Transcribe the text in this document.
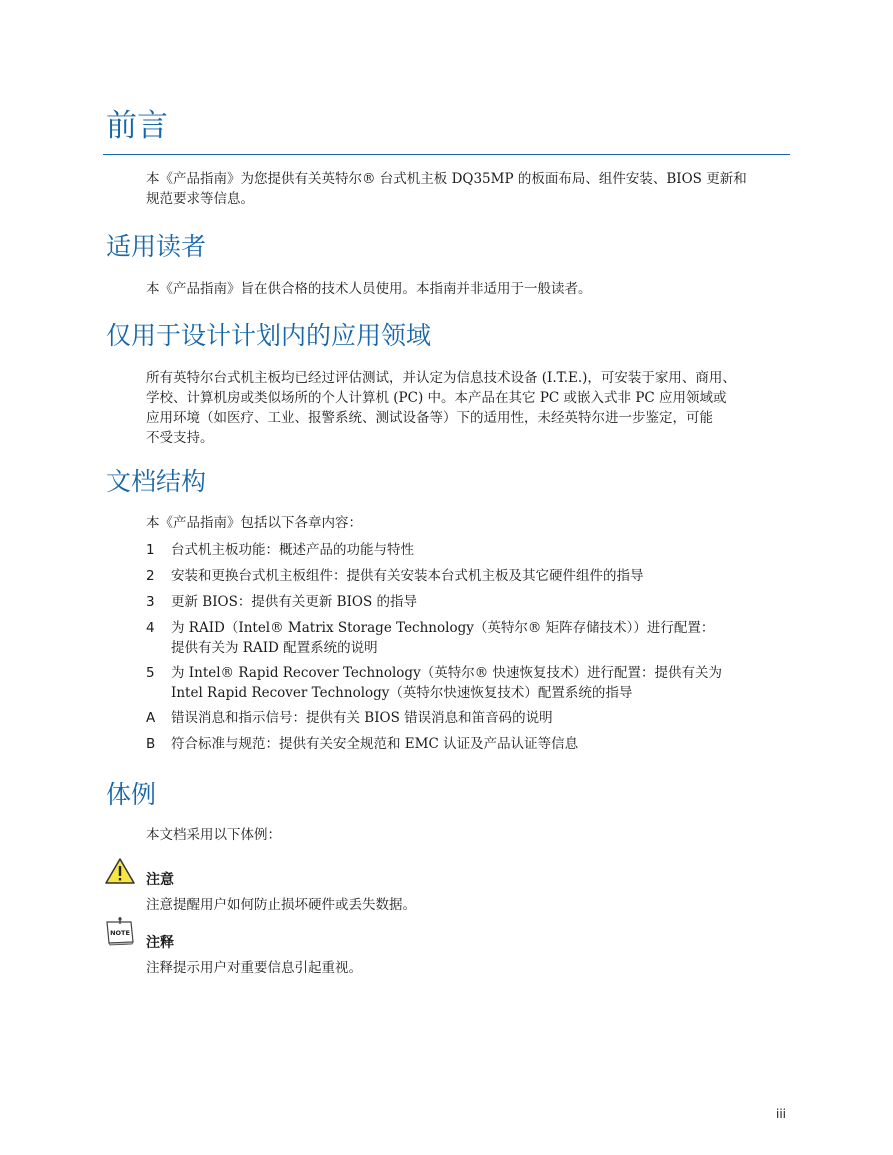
前言
本《产品指南》为您提供有关英特尔® 台式机主板 DQ35MP 的板面布局、组件安装、BIOS 更新和
规范要求等信息。
适用读者
本《产品指南》旨在供合格的技术人员使用。本指南并非适用于一般读者。
仅用于设计计划内的应用领域
所有英特尔台式机主板均已经过评估测试，并认定为信息技术设备 (I.T.E.)，可安装于家用、商用、
学校、计算机房或类似场所的个人计算机 (PC) 中。本产品在其它 PC 或嵌入式非 PC 应用领域或
应用环境（如医疗、工业、报警系统、测试设备等）下的适用性，未经英特尔进一步鉴定，可能
不受支持。
文档结构
本《产品指南》包括以下各章内容：
1 台式机主板功能：概述产品的功能与特性
2 安装和更换台式机主板组件：提供有关安装本台式机主板及其它硬件组件的指导
3 更新 BIOS：提供有关更新 BIOS 的指导
4 为 RAID（Intel® Matrix Storage Technology（英特尔® 矩阵存储技术））进行配置：
提供有关为 RAID 配置系统的说明
5 为 Intel® Rapid Recover Technology（英特尔® 快速恢复技术）进行配置：提供有关为
Intel Rapid Recover Technology（英特尔快速恢复技术）配置系统的指导
A 错误消息和指示信号：提供有关 BIOS 错误消息和笛音码的说明
B 符合标准与规范：提供有关安全规范和 EMC 认证及产品认证等信息
体例
本文档采用以下体例：
注意
注意提醒用户如何防止损坏硬件或丢失数据。
NOTE
注释
注释提示用户对重要信息引起重视。
iii
